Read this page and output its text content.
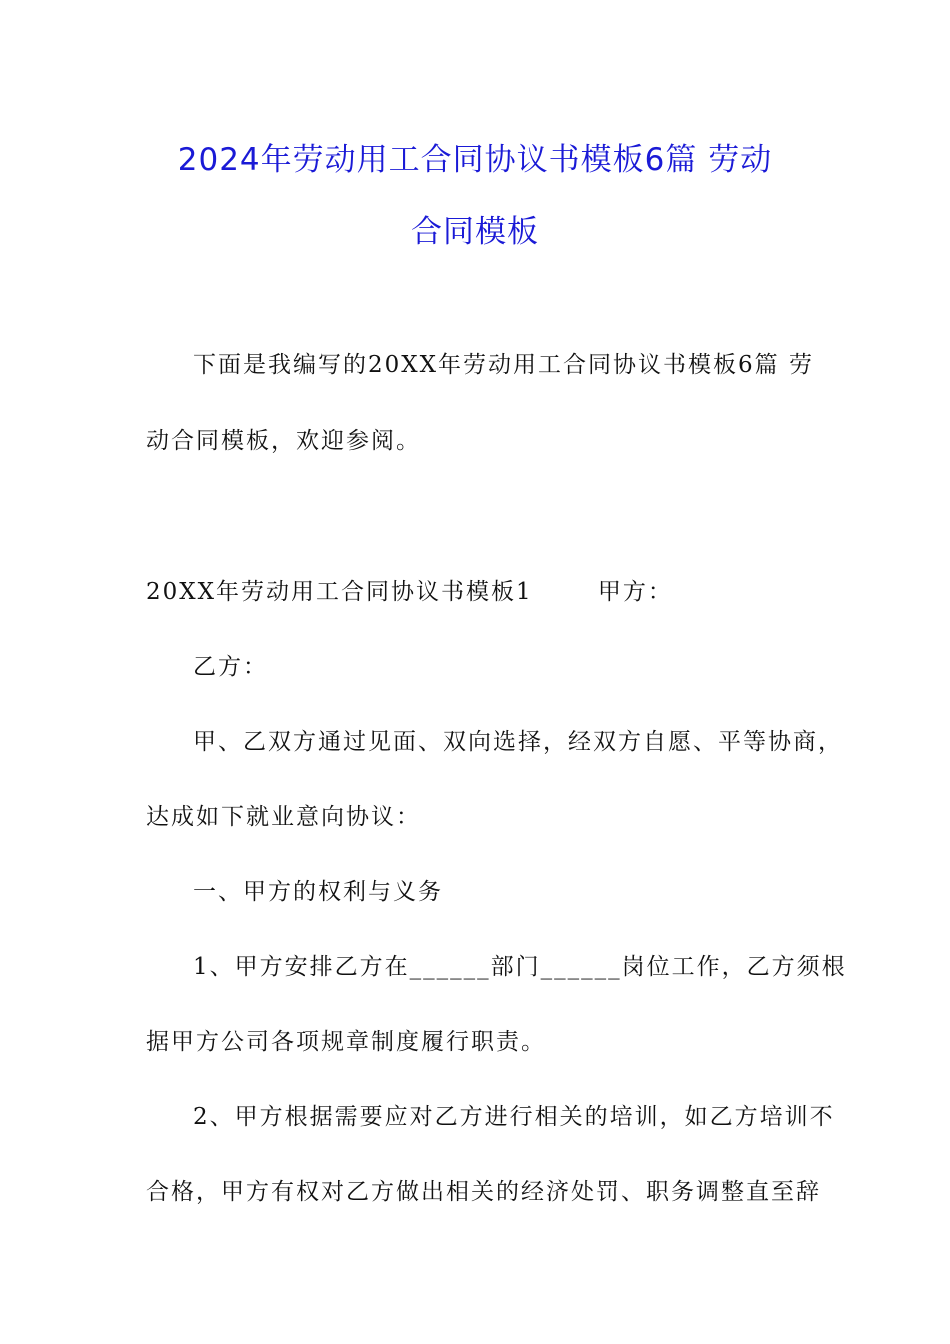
2024年劳动用工合同协议书模板6篇 劳动
合同模板
下面是我编写的20XX年劳动用工合同协议书模板6篇 劳
动合同模板，欢迎参阅。
20XX年劳动用工合同协议书模板1       甲方：
乙方：
甲、乙双方通过见面、双向选择，经双方自愿、平等协商，
达成如下就业意向协议：
一、甲方的权利与义务
1、甲方安排乙方在______部门______岗位工作，乙方须根
据甲方公司各项规章制度履行职责。
2、甲方根据需要应对乙方进行相关的培训，如乙方培训不
合格，甲方有权对乙方做出相关的经济处罚、职务调整直至辞
